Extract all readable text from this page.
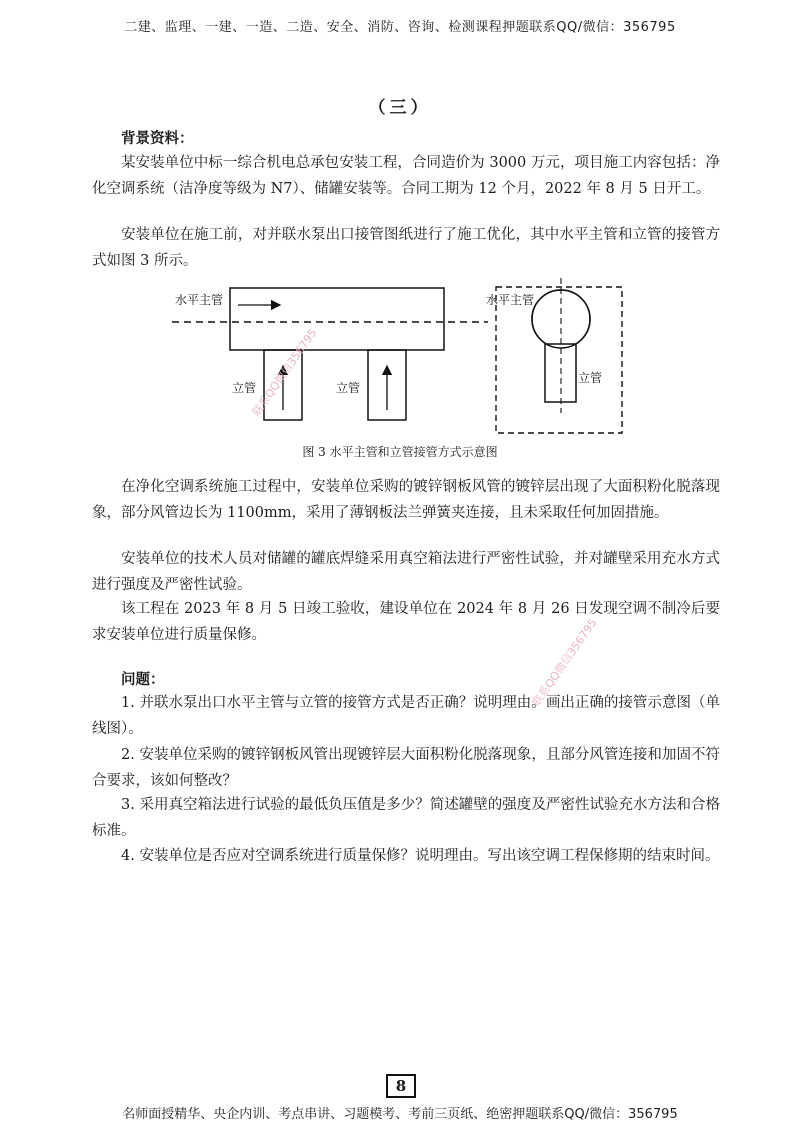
二建、监理、一建、一造、二造、安全、消防、咨询、检测课程押题联系QQ/微信：356795
（三）
背景资料：
某安装单位中标一综合机电总承包安装工程，合同造价为 3000 万元，项目施工内容包括：净化空调系统（洁净度等级为 N7）、储罐安装等。合同工期为 12 个月，2022 年 8 月 5 日开工。
安装单位在施工前，对并联水泵出口接管图纸进行了施工优化，其中水平主管和立管的接管方式如图 3 所示。
水平主管
立管	立管
水平主管
立管
图 3 水平主管和立管接管方式示意图
在净化空调系统施工过程中，安装单位采购的镀锌钢板风管的镀锌层出现了大面积粉化脱落现象，部分风管边长为 1100mm，采用了薄钢板法兰弹簧夹连接，且未采取任何加固措施。
安装单位的技术人员对储罐的罐底焊缝采用真空箱法进行严密性试验，并对罐壁采用充水方式进行强度及严密性试验。
该工程在 2023 年 8 月 5 日竣工验收，建设单位在 2024 年 8 月 26 日发现空调不制冷后要求安装单位进行质量保修。
问题：
1. 并联水泵出口水平主管与立管的接管方式是否正确？说明理由。画出正确的接管示意图（单线图）。
2. 安装单位采购的镀锌钢板风管出现镀锌层大面积粉化脱落现象，且部分风管连接和加固不符合要求，该如何整改？
3. 采用真空箱法进行试验的最低负压值是多少？简述罐壁的强度及严密性试验充水方法和合格标准。
4. 安装单位是否应对空调系统进行质量保修？说明理由。写出该空调工程保修期的结束时间。
联系QQ微信356795
联系QQ微信356795
8
名师面授精华、央企内训、考点串讲、习题模考、考前三页纸、绝密押题联系QQ/微信：356795
